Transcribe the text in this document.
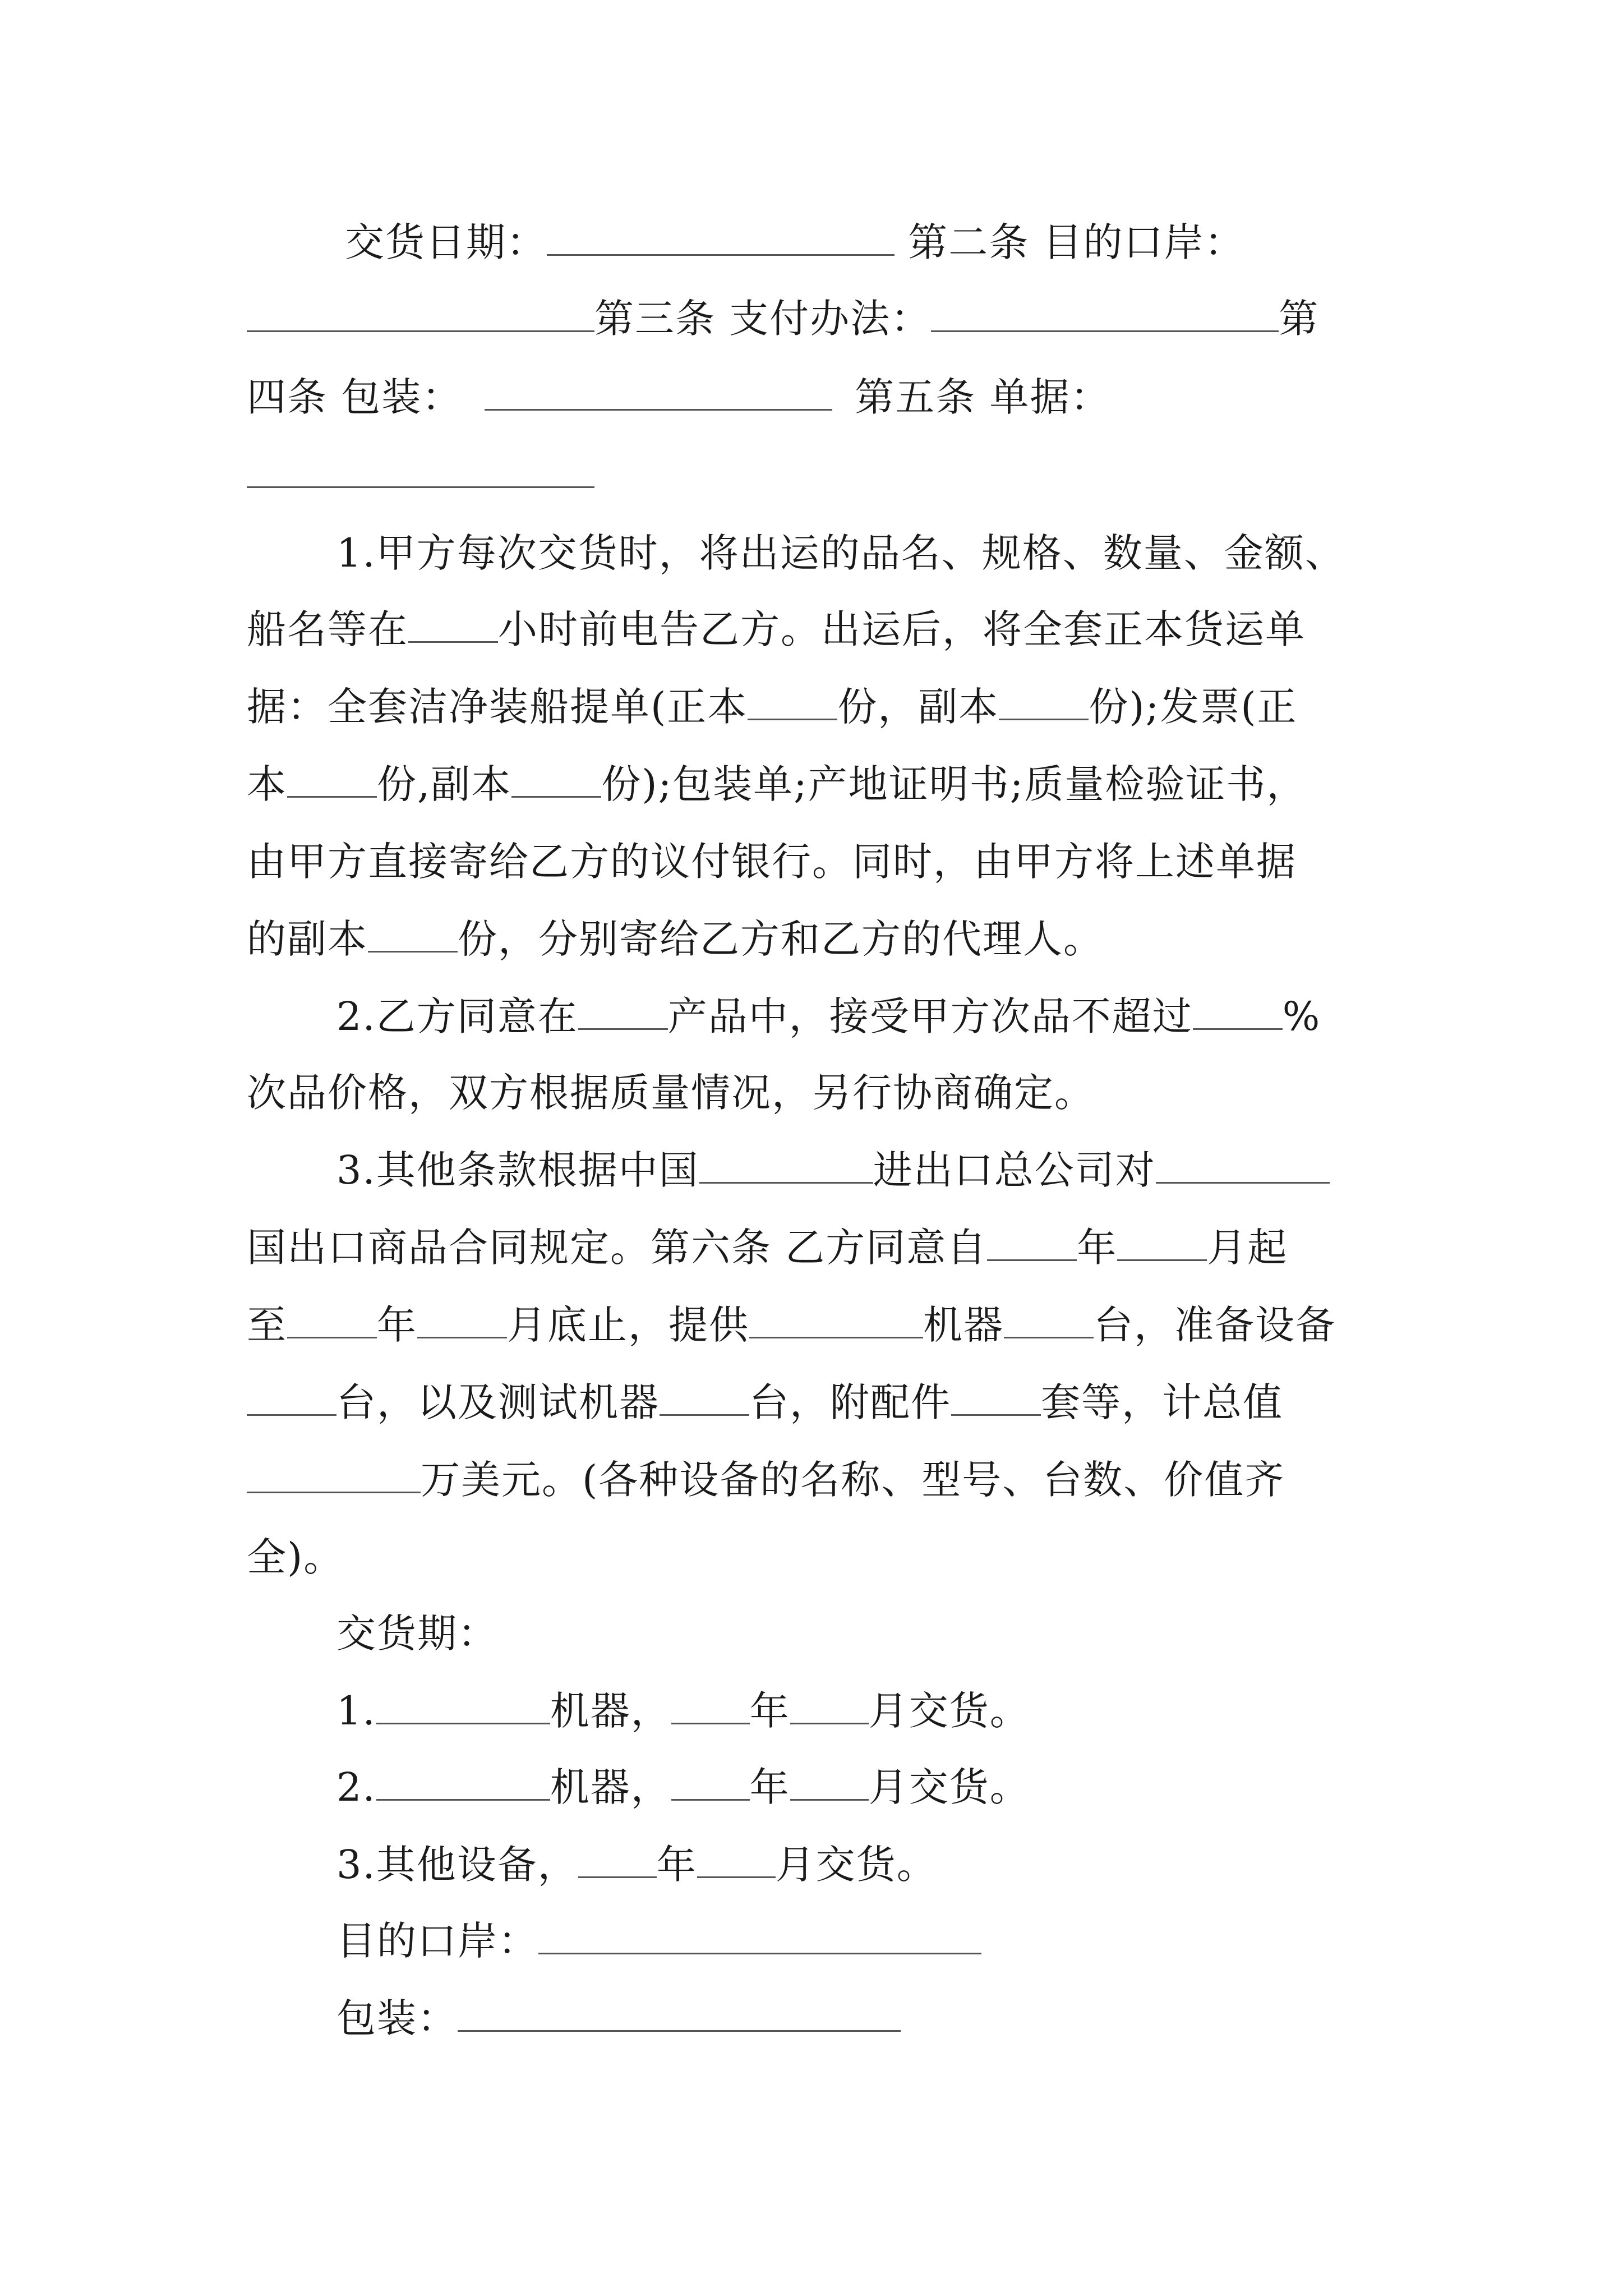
交货日期：	第二条 目的口岸：
第三条 支付办法：	第
四条 包装：	第五条 单据：
1.甲方每次交货时，将出运的品名、规格、数量、金额、
船名等在 小时前电告乙方。出运后，将全套正本货运单
据：全套洁净装船提单(正本 份，副本 份);发票(正
本 份,副本 份);包装单;产地证明书;质量检验证书，
由甲方直接寄给乙方的议付银行。同时，由甲方将上述单据
的副本 份，分别寄给乙方和乙方的代理人。
2.乙方同意在 产品中，接受甲方次品不超过 %
次品价格，双方根据质量情况，另行协商确定。
3.其他条款根据中国	进出口总公司对
国出口商品合同规定。第六条 乙方同意自 年 月起
至 年 月底止，提供	机器 台，准备设备
台，以及测试机器 台，附配件 套等，计总值
万美元。(各种设备的名称、型号、台数、价值齐
全)。
交货期：
1.	机器， 年 月交货。
2.	机器， 年 月交货。
3.其他设备， 年 月交货。
目的口岸：
包装：
